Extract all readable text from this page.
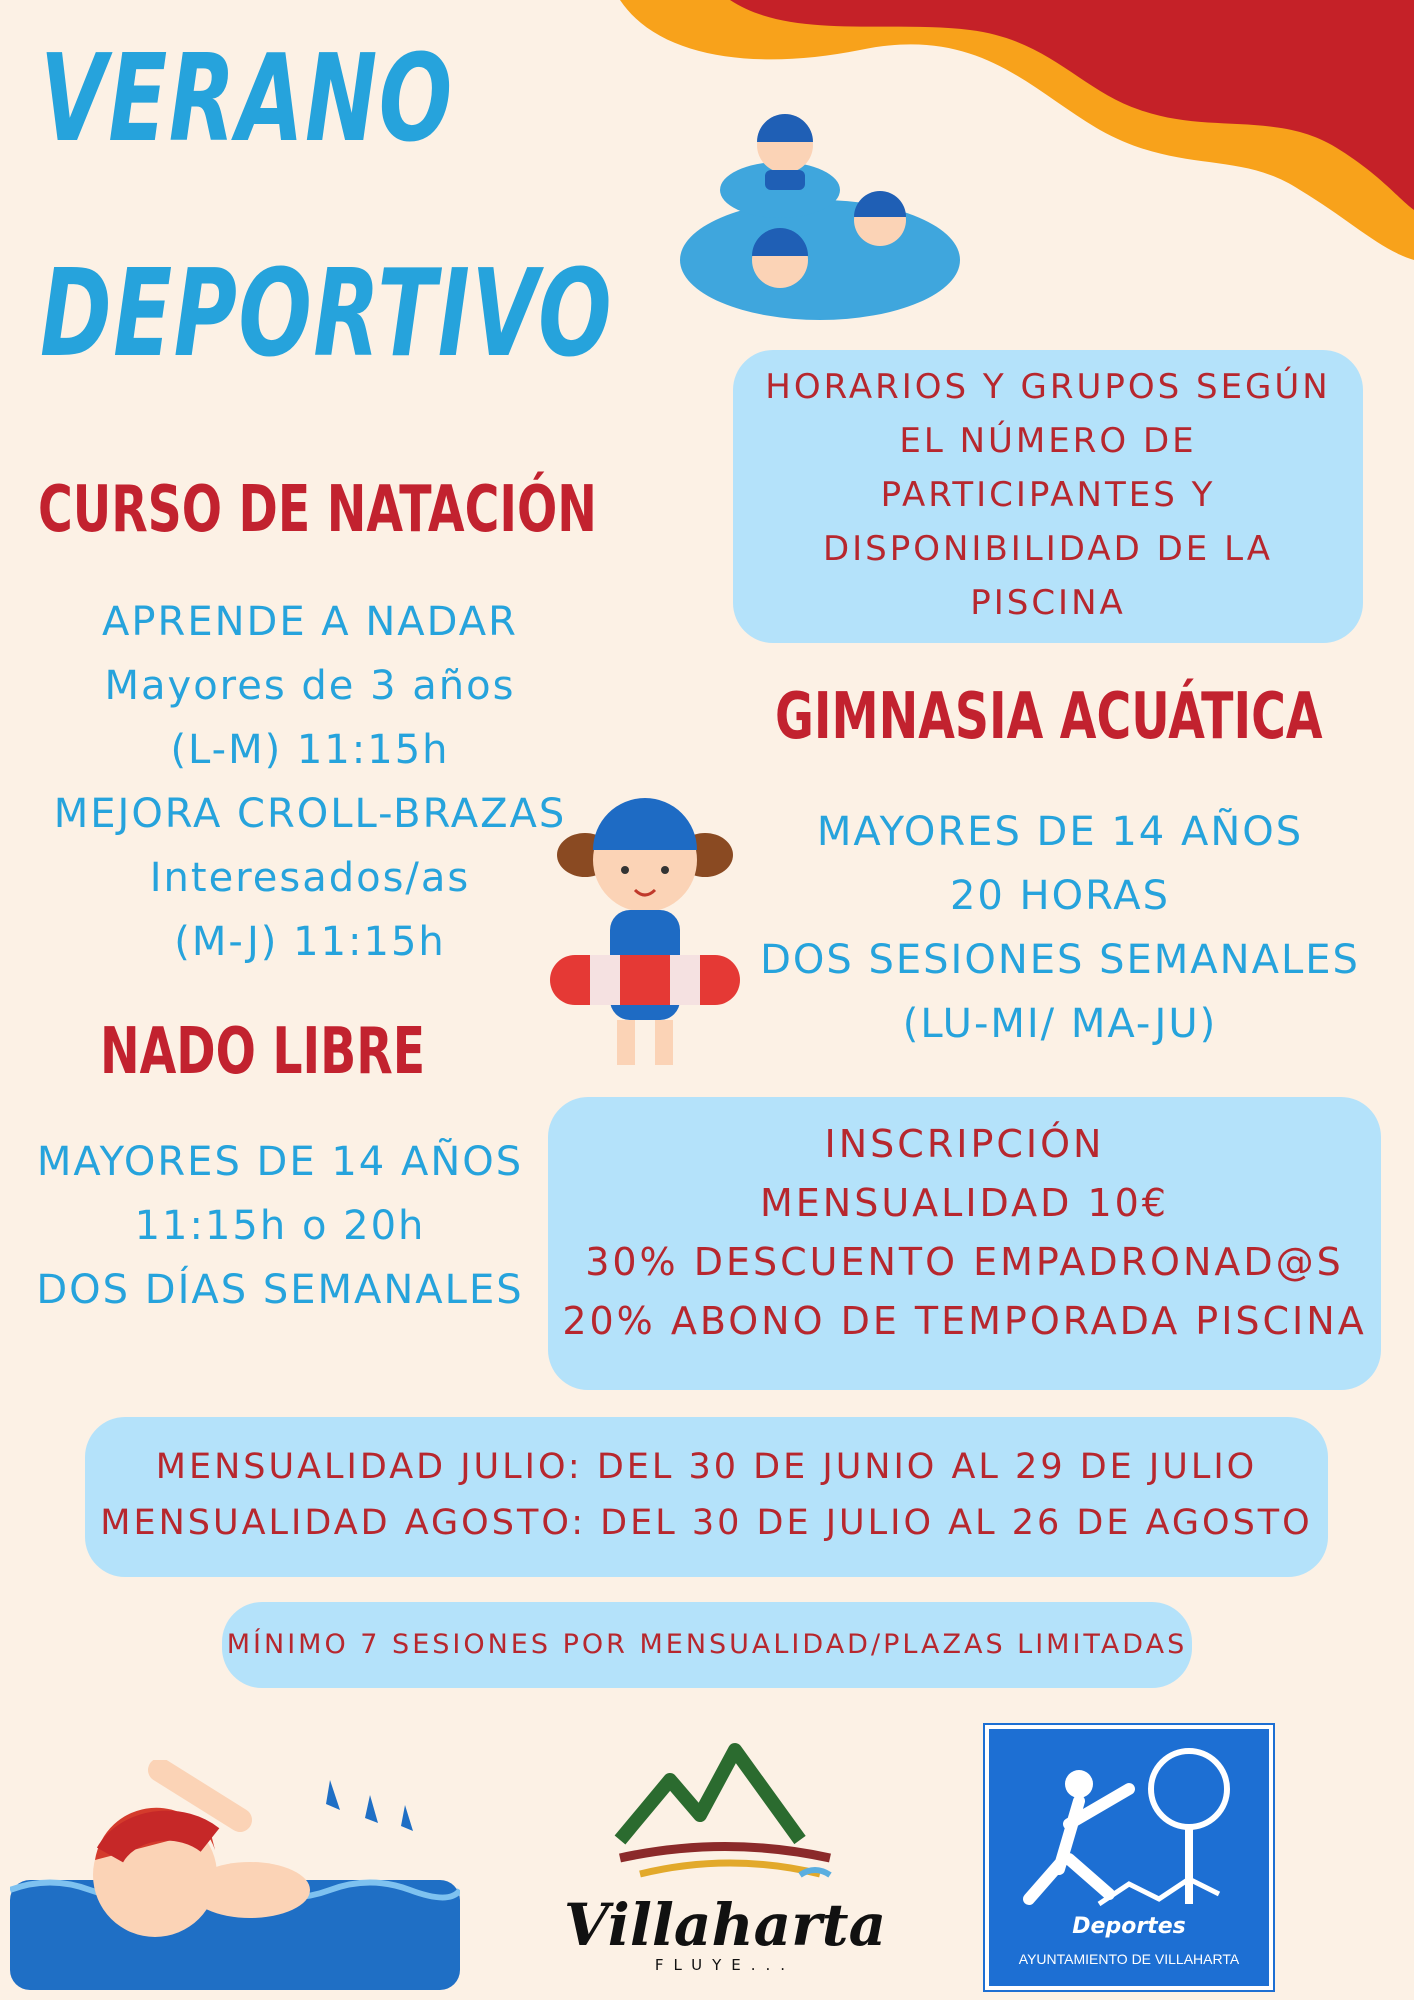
VERANO
DEPORTIVO
CURSO DE NATACIÓN
APRENDE A NADAR
Mayores de 3 años
(L-M) 11:15h
MEJORA CROLL-BRAZAS
Interesados/as
(M-J) 11:15h
HORARIOS Y GRUPOS SEGÚN
EL NÚMERO DE
PARTICIPANTES Y
DISPONIBILIDAD DE LA
PISCINA
GIMNASIA ACUÁTICA
MAYORES DE 14 AÑOS
20 HORAS
DOS SESIONES SEMANALES
(LU-MI/ MA-JU)
NADO LIBRE
MAYORES DE 14 AÑOS
11:15h o 20h
DOS DÍAS SEMANALES
INSCRIPCIÓN
MENSUALIDAD 10€
30% DESCUENTO EMPADRONAD@S
20% ABONO DE TEMPORADA PISCINA
MENSUALIDAD JULIO: DEL 30 DE JUNIO AL 29 DE JULIO
MENSUALIDAD AGOSTO: DEL 30 DE JULIO AL 26 DE AGOSTO
MÍNIMO 7 SESIONES POR MENSUALIDAD/PLAZAS LIMITADAS
Villaharta
FLUYE...
Deportes
AYUNTAMIENTO DE VILLAHARTA
